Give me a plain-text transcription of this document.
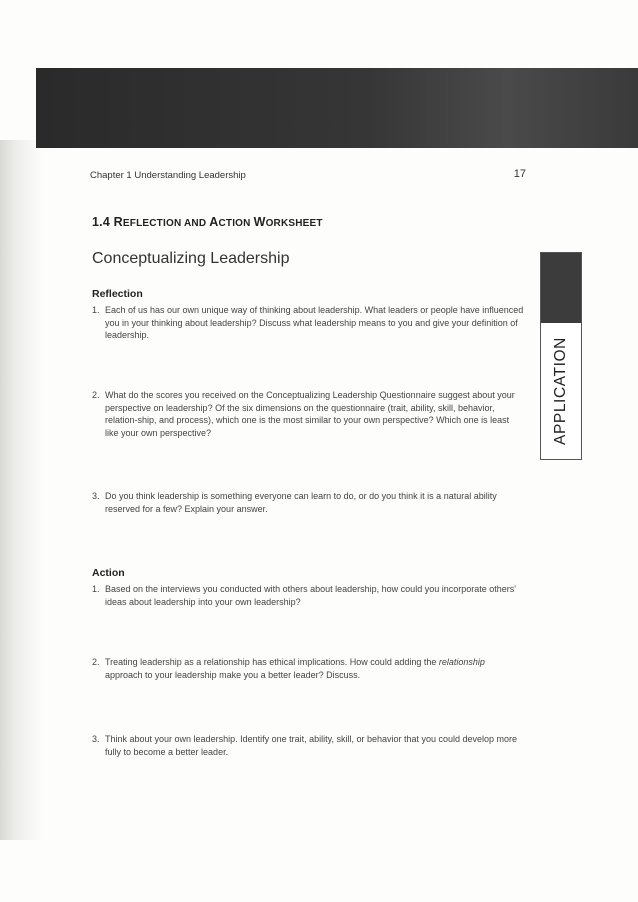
Chapter 1 Understanding Leadership	17
1.4 REFLECTION AND ACTION WORKSHEET
Conceptualizing Leadership
APPLICATION
Reflection
1. Each of us has our own unique way of thinking about leadership. What leaders or people have influenced you in your thinking about leadership? Discuss what leadership means to you and give your definition of leadership.
2. What do the scores you received on the Conceptualizing Leadership Questionnaire suggest about your perspective on leadership? Of the six dimensions on the questionnaire (trait, ability, skill, behavior, relation-ship, and process), which one is the most similar to your own perspective? Which one is least like your own perspective?
3. Do you think leadership is something everyone can learn to do, or do you think it is a natural ability reserved for a few? Explain your answer.
Action
1. Based on the interviews you conducted with others about leadership, how could you incorporate others' ideas about leadership into your own leadership?
2. Treating leadership as a relationship has ethical implications. How could adding the relationship approach to your leadership make you a better leader? Discuss.
3. Think about your own leadership. Identify one trait, ability, skill, or behavior that you could develop more fully to become a better leader.
